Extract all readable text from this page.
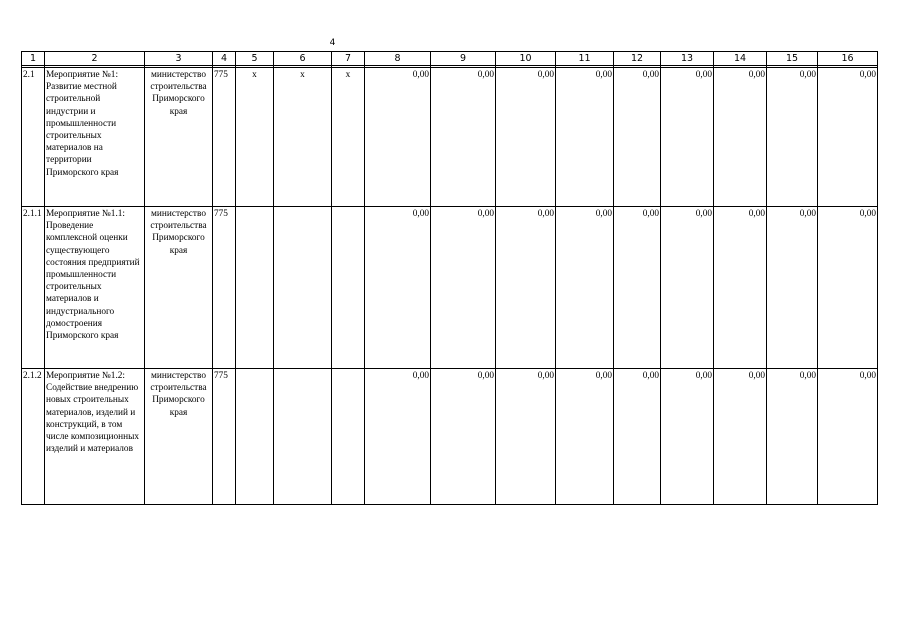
4
1	2	3	4	5	6	7	8	9	10	11	12	13	14	15	16

2.1	Мероприятие №1: Развитие местной строительной индустрии и промышленности строительных материалов на территории Приморского края	министерство строительства Приморского края	775	x	x	x	0,00	0,00	0,00	0,00	0,00	0,00	0,00	0,00	0,00
2.1.1	Мероприятие №1.1: Проведение комплексной оценки существующего состояния предприятий промышленности строительных материалов и индустриального домостроения Приморского края	министерство строительства Приморского края	775				0,00	0,00	0,00	0,00	0,00	0,00	0,00	0,00	0,00
2.1.2	Мероприятие №1.2: Содействие внедрению новых строительных материалов, изделий и конструкций, в том числе композиционных изделий и материалов	министерство строительства Приморского края	775				0,00	0,00	0,00	0,00	0,00	0,00	0,00	0,00	0,00
